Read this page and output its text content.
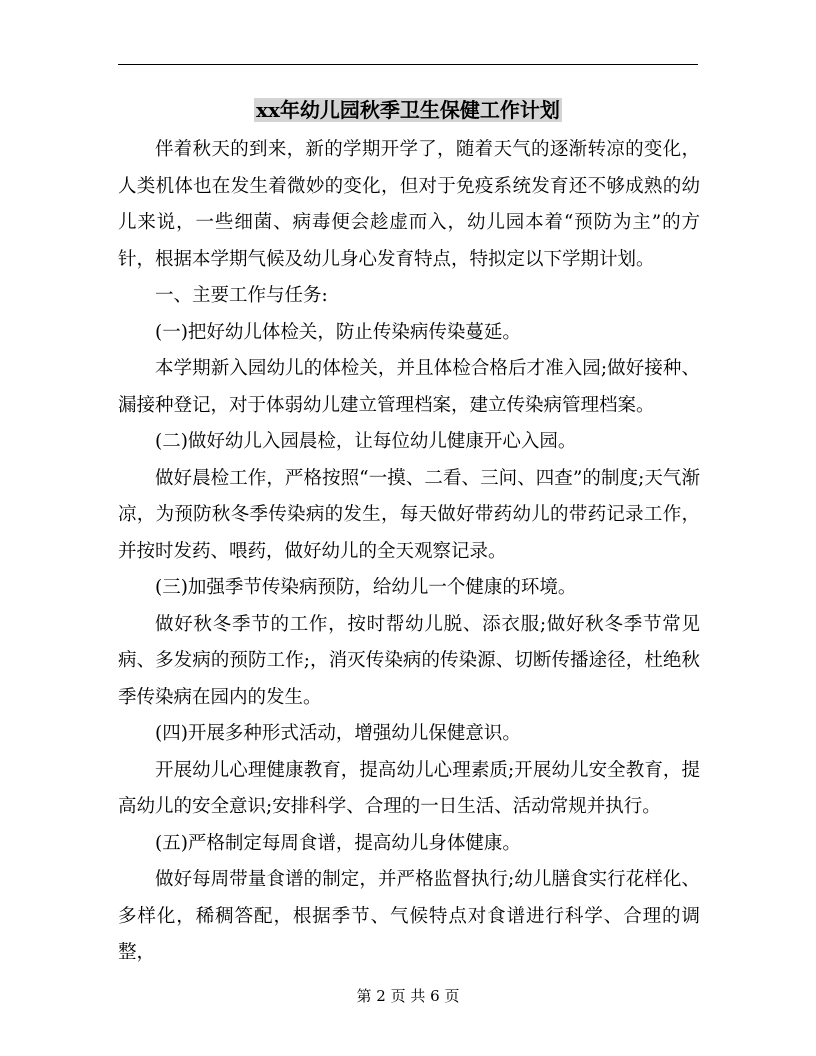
xx年幼儿园秋季卫生保健工作计划

伴着秋天的到来，新的学期开学了，随着天气的逐渐转凉的变化，人类机体也在发生着微妙的变化，但对于免疫系统发育还不够成熟的幼儿来说，一些细菌、病毒便会趁虚而入，幼儿园本着“预防为主”的方针，根据本学期气候及幼儿身心发育特点，特拟定以下学期计划。

一、主要工作与任务:

(一)把好幼儿体检关，防止传染病传染蔓延。

本学期新入园幼儿的体检关，并且体检合格后才准入园;做好接种、漏接种登记，对于体弱幼儿建立管理档案，建立传染病管理档案。

(二)做好幼儿入园晨检，让每位幼儿健康开心入园。

做好晨检工作，严格按照“一摸、二看、三问、四查”的制度;天气渐凉，为预防秋冬季传染病的发生，每天做好带药幼儿的带药记录工作，并按时发药、喂药，做好幼儿的全天观察记录。

(三)加强季节传染病预防，给幼儿一个健康的环境。

做好秋冬季节的工作，按时帮幼儿脱、添衣服;做好秋冬季节常见病、多发病的预防工作;，消灭传染病的传染源、切断传播途径，杜绝秋季传染病在园内的发生。

(四)开展多种形式活动，增强幼儿保健意识。

开展幼儿心理健康教育，提高幼儿心理素质;开展幼儿安全教育，提高幼儿的安全意识;安排科学、合理的一日生活、活动常规并执行。

(五)严格制定每周食谱，提高幼儿身体健康。

做好每周带量食谱的制定，并严格监督执行;幼儿膳食实行花样化、多样化，稀稠答配，根据季节、气候特点对食谱进行科学、合理的调整，

第 2 页 共 6 页
